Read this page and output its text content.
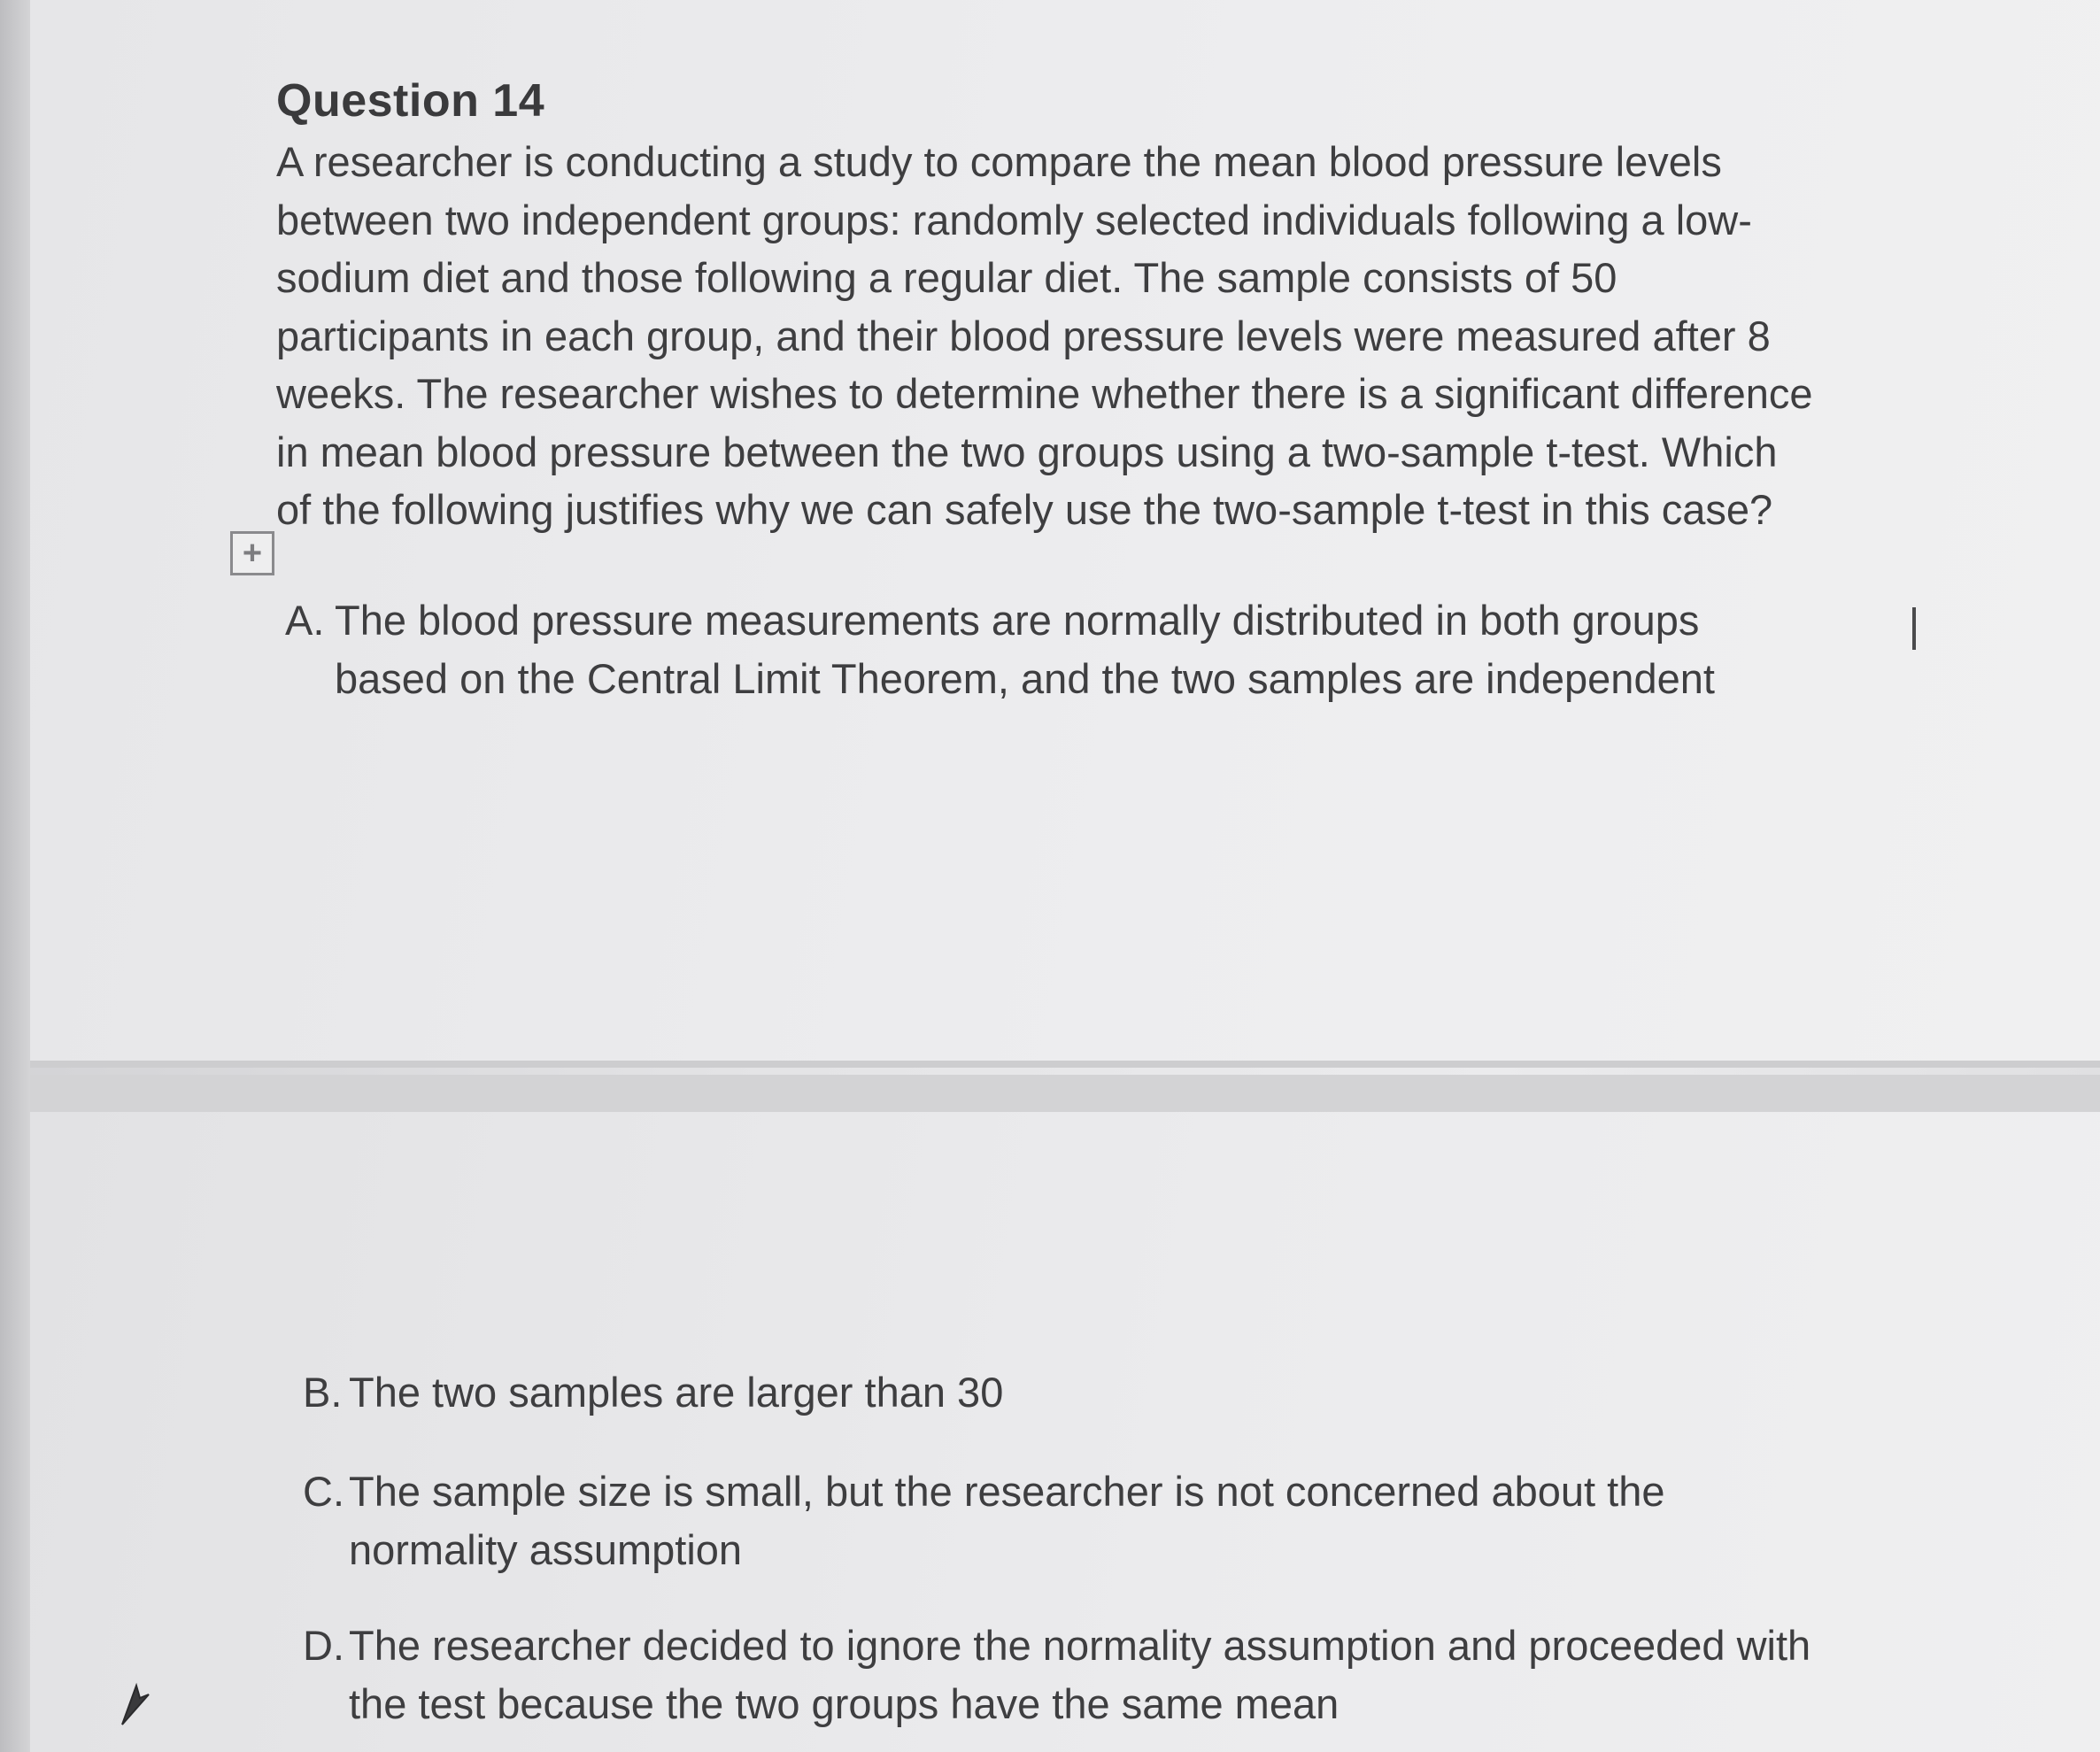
Question 14
A researcher is conducting a study to compare the mean blood pressure levels
between two independent groups: randomly selected individuals following a low-
sodium diet and those following a regular diet. The sample consists of 50
participants in each group, and their blood pressure levels were measured after 8
weeks. The researcher wishes to determine whether there is a significant difference
in mean blood pressure between the two groups using a two-sample t-test. Which
of the following justifies why we can safely use the two-sample t-test in this case?
+
A. The blood pressure measurements are normally distributed in both groups
based on the Central Limit Theorem, and the two samples are independent
B. The two samples are larger than 30
C. The sample size is small, but the researcher is not concerned about the
normality assumption
D. The researcher decided to ignore the normality assumption and proceeded with
the test because the two groups have the same mean
